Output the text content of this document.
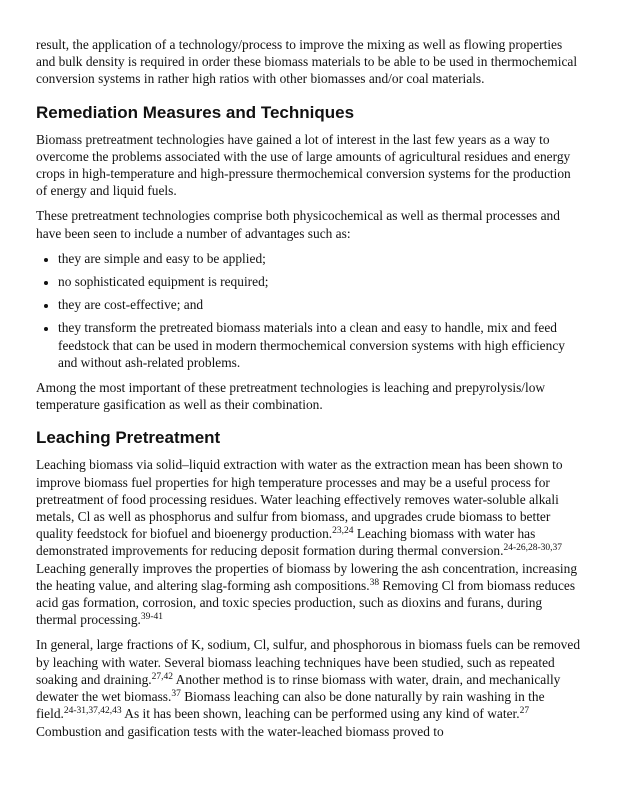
result, the application of a technology/process to improve the mixing as well as flowing properties and bulk density is required in order these biomass materials to be able to be used in thermochemical conversion systems in rather high ratios with other biomasses and/or coal materials.

Remediation Measures and Techniques

Biomass pretreatment technologies have gained a lot of interest in the last few years as a way to overcome the problems associated with the use of large amounts of agricultural residues and energy crops in high-temperature and high-pressure thermochemical conversion systems for the production of energy and liquid fuels.

These pretreatment technologies comprise both physicochemical as well as thermal processes and have been seen to include a number of advantages such as:

• they are simple and easy to be applied;
• no sophisticated equipment is required;
• they are cost-effective; and
• they transform the pretreated biomass materials into a clean and easy to handle, mix and feed feedstock that can be used in modern thermochemical conversion systems with high efficiency and without ash-related problems.

Among the most important of these pretreatment technologies is leaching and prepyrolysis/low temperature gasification as well as their combination.

Leaching Pretreatment

Leaching biomass via solid–liquid extraction with water as the extraction mean has been shown to improve biomass fuel properties for high temperature processes and may be a useful process for pretreatment of food processing residues. Water leaching effectively removes water-soluble alkali metals, Cl as well as phosphorus and sulfur from biomass, and upgrades crude biomass to better quality feedstock for biofuel and bioenergy production.$^{23,24}$ Leaching biomass with water has demonstrated improvements for reducing deposit formation during thermal conversion.$^{24-26,28-30,37}$ Leaching generally improves the properties of biomass by lowering the ash concentration, increasing the heating value, and altering slag-forming ash compositions.$^{38}$ Removing Cl from biomass reduces acid gas formation, corrosion, and toxic species production, such as dioxins and furans, during thermal processing.$^{39-41}$

In general, large fractions of K, sodium, Cl, sulfur, and phosphorous in biomass fuels can be removed by leaching with water. Several biomass leaching techniques have been studied, such as repeated soaking and draining.$^{27,42}$ Another method is to rinse biomass with water, drain, and mechanically dewater the wet biomass.$^{37}$ Biomass leaching can also be done naturally by rain washing in the field.$^{24-31,37,42,43}$ As it has been shown, leaching can be performed using any kind of water.$^{27}$ Combustion and gasification tests with the water-leached biomass proved to
